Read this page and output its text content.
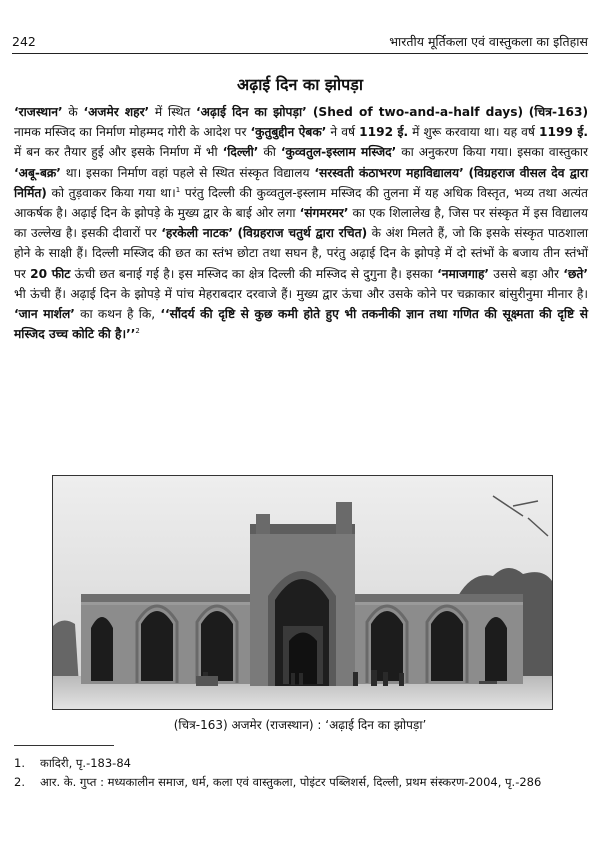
242	भारतीय मूर्तिकला एवं वास्तुकला का इतिहास
अढ़ाई दिन का झोपड़ा

‘राजस्थान’ के ‘अजमेर शहर’ में स्थित ‘अढ़ाई दिन का झोपड़ा’ (Shed of two-and-a-half days) (चित्र-163) नामक मस्जिद का निर्माण मोहम्मद गोरी के आदेश पर ‘कुतुबुद्दीन ऐबक’ ने वर्ष 1192 ई. में शुरू करवाया था। यह वर्ष 1199 ई. में बन कर तैयार हुई और इसके निर्माण में भी ‘दिल्ली’ की ‘कुव्वतुल-इस्लाम मस्जिद’ का अनुकरण किया गया। इसका वास्तुकार ‘अबू-बक्र’ था। इसका निर्माण वहां पहले से स्थित संस्कृत विद्यालय ‘सरस्वती कंठाभरण महाविद्यालय’ (विग्रहराज वीसल देव द्वारा निर्मित) को तुड़वाकर किया गया था।$^1$ परंतु दिल्ली की कुव्वतुल-इस्लाम मस्जिद की तुलना में यह अधिक विस्तृत, भव्य तथा अत्यंत आकर्षक है। अढ़ाई दिन के झोपड़े के मुख्य द्वार के बाई ओर लगा ‘संगमरमर’ का एक शिलालेख है, जिस पर संस्कृत में इस विद्यालय का उल्लेख है। इसकी दीवारों पर ‘हरकेली नाटक’ (विग्रहराज चतुर्थ द्वारा रचित) के अंश मिलते हैं, जो कि इसके संस्कृत पाठशाला होने के साक्षी हैं। दिल्ली मस्जिद की छत का स्तंभ छोटा तथा सघन है, परंतु अढ़ाई दिन के झोपड़े में दो स्तंभों के बजाय तीन स्तंभों पर 20 फीट ऊंची छत बनाई गई है। इस मस्जिद का क्षेत्र दिल्ली की मस्जिद से दुगुना है। इसका ‘नमाजगाह’ उससे बड़ा और ‘छते’ भी ऊंची हैं। अढ़ाई दिन के झोपड़े में पांच मेहराबदार दरवाजे हैं। मुख्य द्वार ऊंचा और उसके कोने पर चक्राकार बांसुरीनुमा मीनार है। ‘जान मार्शल’ का कथन है कि, ‘‘सौंदर्य की दृष्टि से कुछ कमी होते हुए भी तकनीकी ज्ञान तथा गणित की सूक्ष्मता की दृष्टि से मस्जिद उच्च कोटि की है।’’$^2$

(चित्र-163) अजमेर (राजस्थान) : ‘अढ़ाई दिन का झोपड़ा’
1. कादिरी, पृ.-183-84
2. आर. के. गुप्त : मध्यकालीन समाज, धर्म, कला एवं वास्तुकला, पोइंटर पब्लिशर्स, दिल्ली, प्रथम संस्करण-2004, पृ.-286
